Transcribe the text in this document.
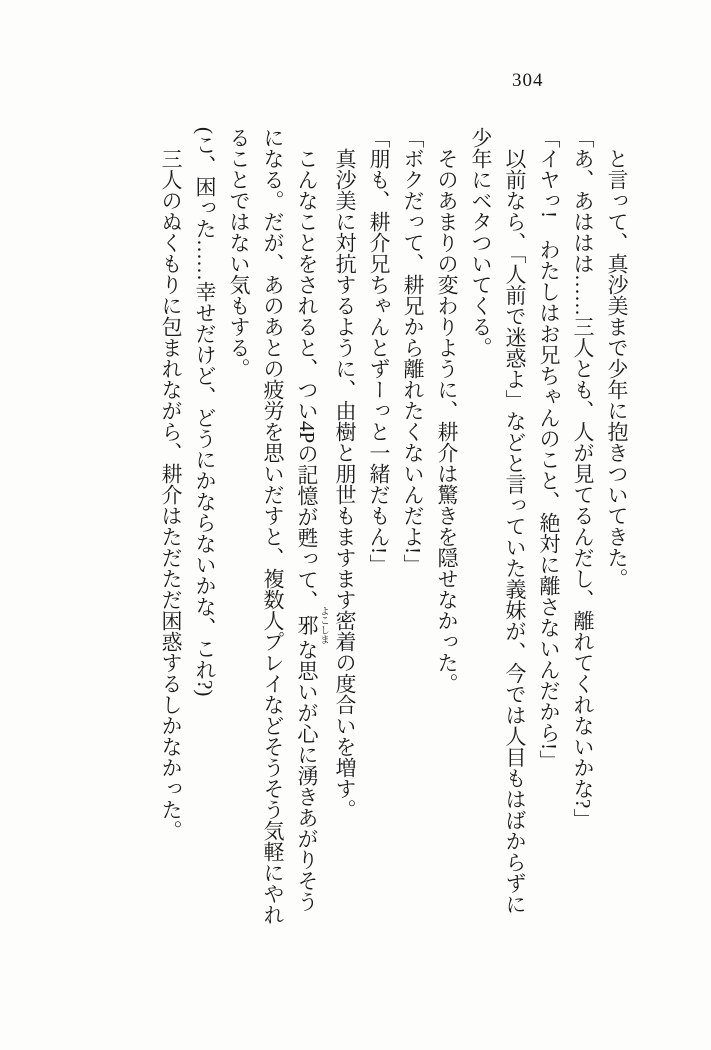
304

と言って、真沙美まで少年に抱きついてきた。

「あ、あははは……三人とも、人が見てるんだし、離れてくれないかな?」

「イヤっ!　わたしはお兄ちゃんのこと、絶対に離さないんだから!」

以前なら、「人前で迷惑よ」などと言っていた義妹が、今では人目もはばからずに

少年にベタついてくる。

そのあまりの変わりように、耕介は驚きを隠せなかった。

「ボクだって、耕兄から離れたくないんだよ!」

「朋も、耕介兄ちゃんとずーっと一緒だもん!」

真沙美に対抗するように、由樹と朋世もますます密着の度合いを増す。

こんなことをされると、つい4Pの記憶が甦って、邪 よこしまな思いが心に湧きあがりそう

になる。だが、あのあとの疲労を思いだすと、複数人プレイなどそうそう気軽にやれ

ることではない気もする。

(こ、困った……幸せだけど、どうにかならないかな、これ?)

三人のぬくもりに包まれながら、耕介はただただ困惑するしかなかった。
